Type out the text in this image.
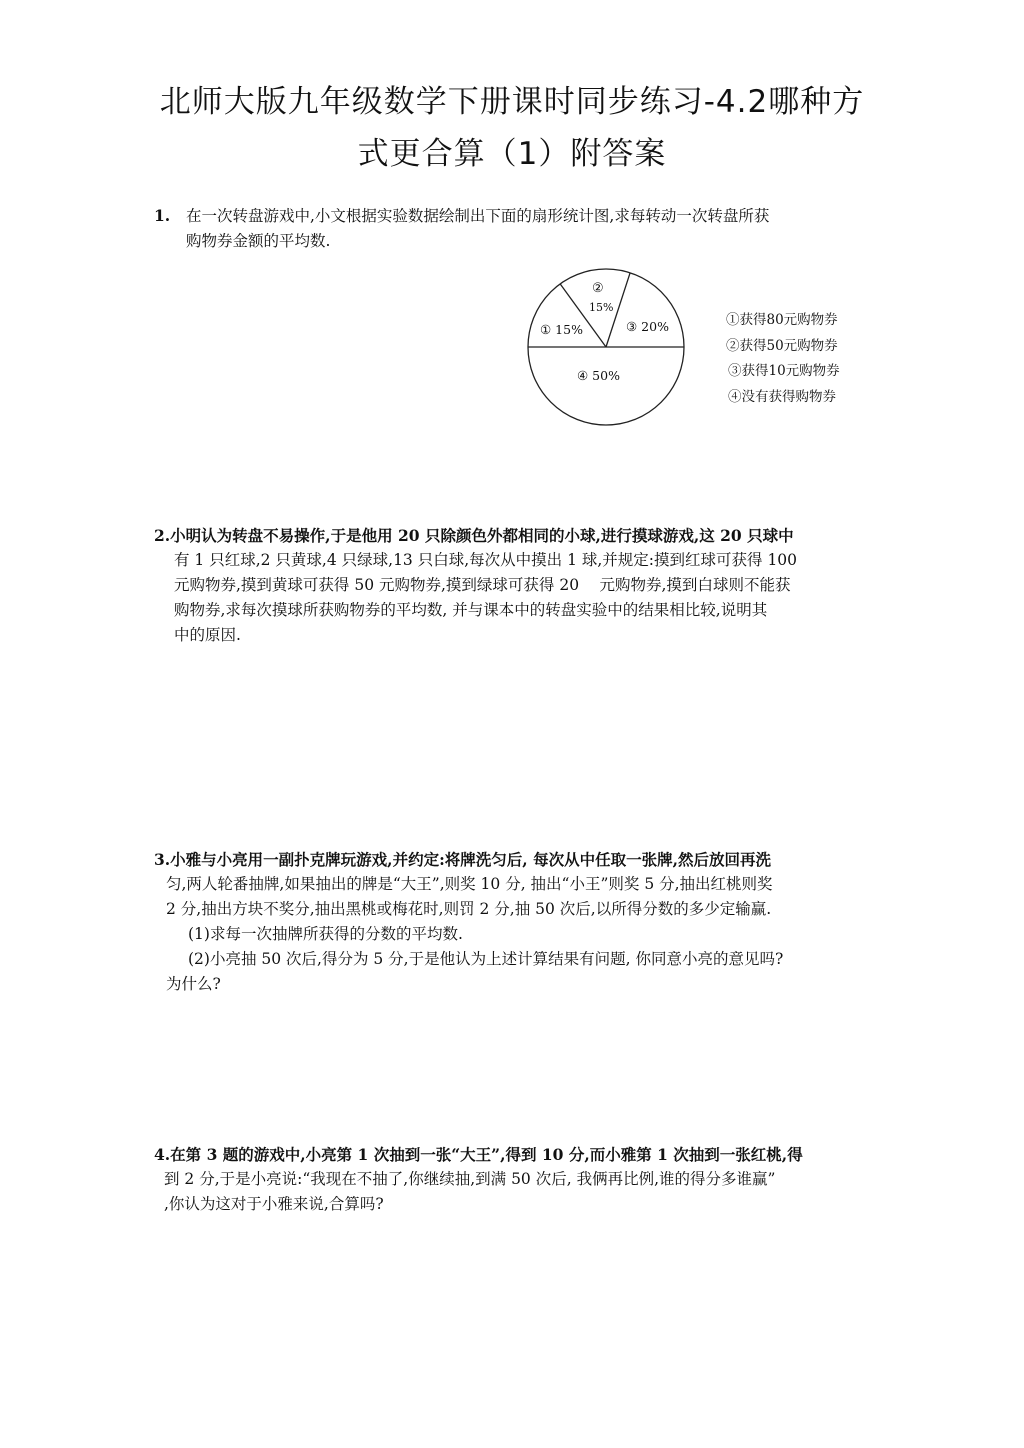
北师大版九年级数学下册课时同步练习-4.2哪种方
式更合算（1）附答案
1. 在一次转盘游戏中,小文根据实验数据绘制出下面的扇形统计图,求每转动一次转盘所获
购物券金额的平均数.
① 15%
②
15%
③ 20%
④ 50%
①获得80元购物券
②获得50元购物券
③获得10元购物券
④没有获得购物券
2.小明认为转盘不易操作,于是他用 20 只除颜色外都相同的小球,进行摸球游戏,这 20 只球中
有 1 只红球,2 只黄球,4 只绿球,13 只白球,每次从中摸出 1 球,并规定:摸到红球可获得 100
元购物券,摸到黄球可获得 50 元购物券,摸到绿球可获得 20　 元购物券,摸到白球则不能获
购物券,求每次摸球所获购物券的平均数, 并与课本中的转盘实验中的结果相比较,说明其
中的原因.
3.小雅与小亮用一副扑克牌玩游戏,并约定:将牌洗匀后, 每次从中任取一张牌,然后放回再洗
匀,两人轮番抽牌,如果抽出的牌是“大王”,则奖 10 分, 抽出“小王”则奖 5 分,抽出红桃则奖
2 分,抽出方块不奖分,抽出黑桃或梅花时,则罚 2 分,抽 50 次后,以所得分数的多少定输赢.
(1)求每一次抽牌所获得的分数的平均数.
(2)小亮抽 50 次后,得分为 5 分,于是他认为上述计算结果有问题, 你同意小亮的意见吗?
为什么?
4.在第 3 题的游戏中,小亮第 1 次抽到一张“大王”,得到 10 分,而小雅第 1 次抽到一张红桃,得
到 2 分,于是小亮说:“我现在不抽了,你继续抽,到满 50 次后, 我俩再比例,谁的得分多谁赢”
,你认为这对于小雅来说,合算吗?
